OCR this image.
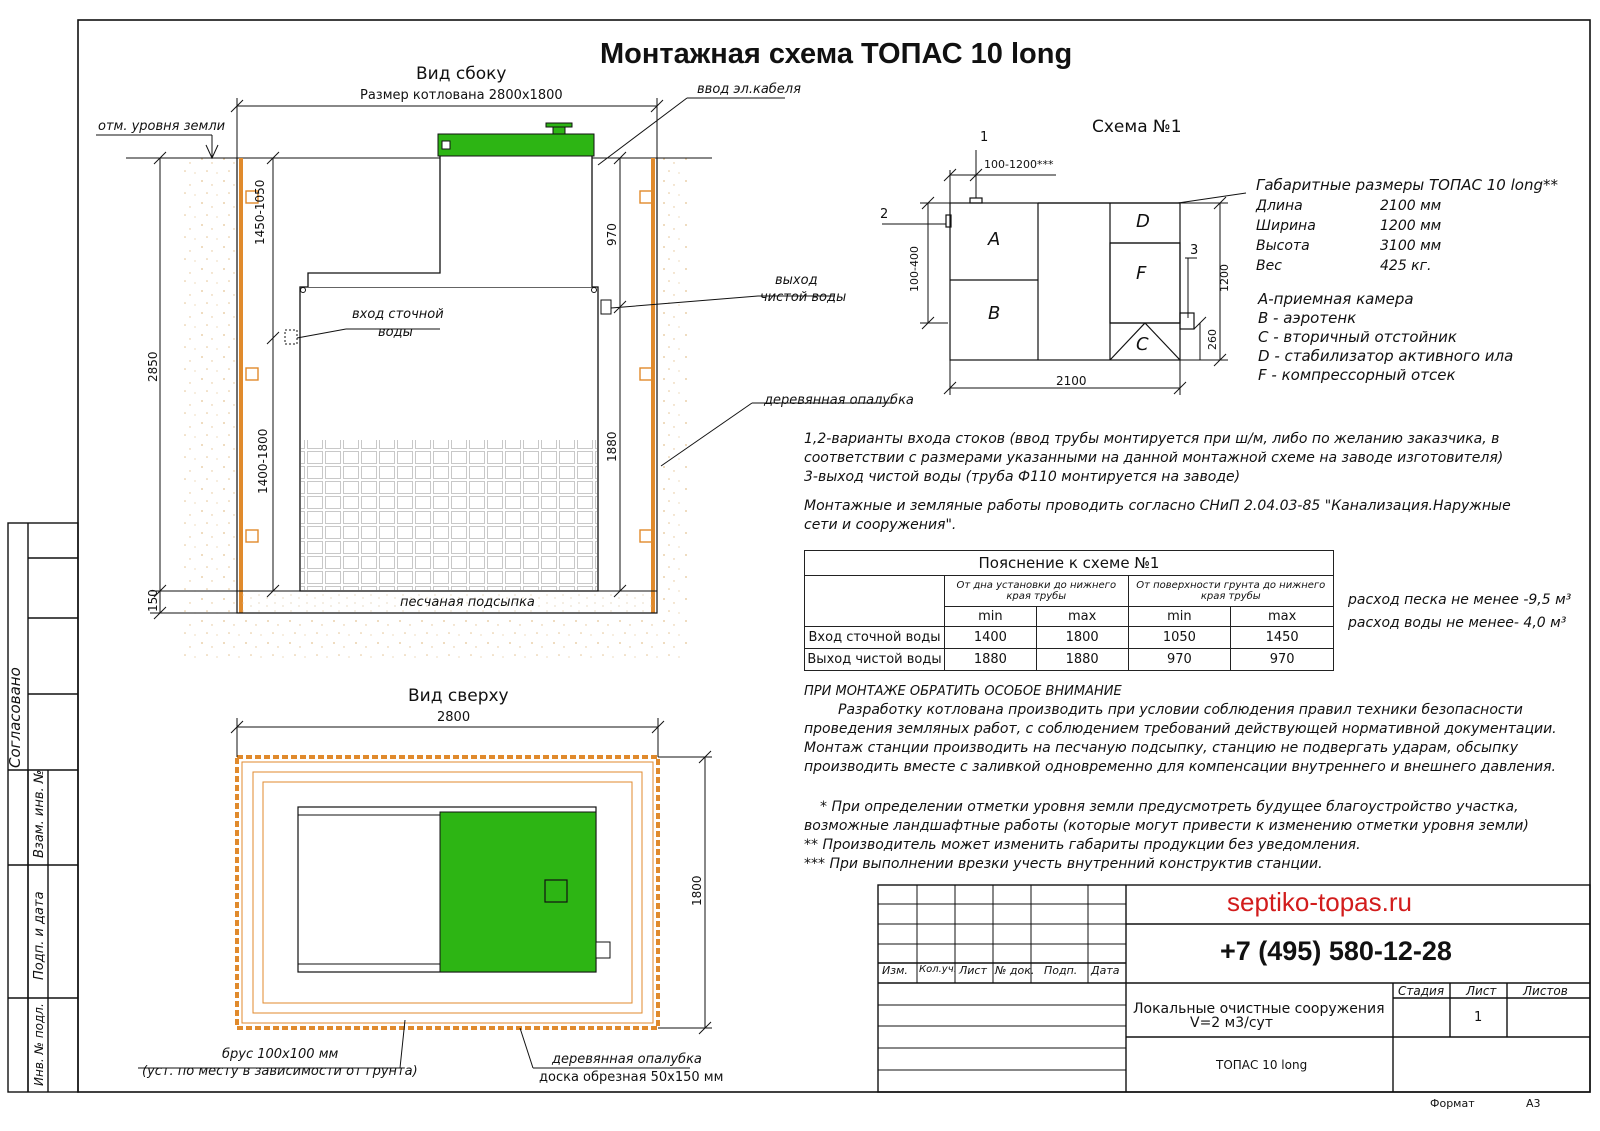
Монтажная схема ТОПАС 10 long
Вид сбоку
Размер котлована 2800х1800
отм. уровня земли
ввод эл.кабеля
выход
чистой воды
вход сточной
воды
деревянная опалубка
песчаная подсыпка
1450-1050	970
2850
1400-1800	1880
150
Вид сверху
2800
1800
брус 100х100 мм
(уст. по месту в зависимости от грунта)
деревянная опалубка
доска обрезная 50х150 мм
Схема №1
1
2
3
100-1200***
100-400	1200
260
2100
A
B
D
F
C
Габаритные размеры ТОПАС 10 long**
Длина	2100 мм
Ширина	1200 мм
Высота	3100 мм
Вес	425 кг.
А-приемная камера
В - аэротенк
С - вторичный отстойник
D - стабилизатор активного ила
F - компрессорный отсек
1,2-варианты входа стоков (ввод трубы монтируется при ш/м, либо по желанию заказчика, в
соответствии с размерами указанными на данной монтажной схеме на заводе изготовителя)
3-выход чистой воды (труба Ф110 монтируется на заводе)
Монтажные и земляные работы проводить согласно СНиП 2.04.03-85 "Канализация.Наружные
сети и сооружения".
Пояснение к схеме №1				
	От дна установки до нижнего края трубы		От поверхности грунта до нижнего края трубы	
	min	max	min	max
Вход сточной воды	1400	1800	1050	1450
Выход чистой воды	1880	1880	970	970
расход песка не менее -9,5 м³
расход воды не менее- 4,0 м³
ПРИ МОНТАЖЕ ОБРАТИТЬ ОСОБОЕ ВНИМАНИЕ
Разработку котлована производить при условии соблюдения правил техники безопасности
проведения земляных работ, с соблюдением требований действующей нормативной документации.
Монтаж станции производить на песчаную подсыпку, станцию не подвергать ударам, обсыпку
производить вместе с заливкой одновременно для компенсации внутреннего и внешнего давления.
* При определении отметки уровня земли предусмотреть будущее благоустройство участка,
возможные ландшафтные работы (которые могут привести к изменению отметки уровня земли)
** Производитель может изменить габариты продукции без уведомления.
*** При выполнении врезки учесть внутренний конструктив станции.
septiko-topas.ru
+7 (495) 580-12-28
Изм. Кол.уч. Лист № док. Подп. Дата
Стадия Лист Листов
1
Локальные очистные сооружения
V=2 м3/сут
ТОПАС 10 long
Формат	А3
Согласовано
Взам. инв. №
Подп. и дата
Инв. № подл.
